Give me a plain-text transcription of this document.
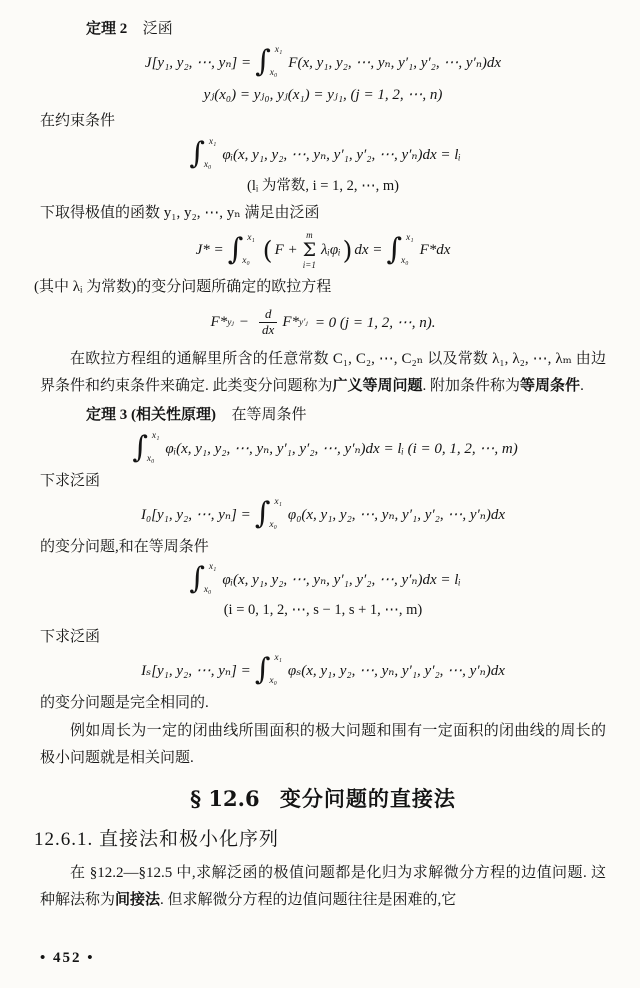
定理 2 泛函
J[y₁, y₂, ⋯, yₙ] = ∫ x₁
x₀
F(x, y₁, y₂, ⋯, yₙ, y′₁, y′₂, ⋯, y′ₙ)dx
yⱼ(x₀) = yⱼ₀, yⱼ(x₁) = yⱼ₁, (j = 1, 2, ⋯, n)
在约束条件
∫ x₁
x₀
φᵢ(x, y₁, y₂, ⋯, yₙ, y′₁, y′₂, ⋯, y′ₙ)dx = lᵢ
(lᵢ 为常数, i = 1, 2, ⋯, m)
下取得极值的函数 y₁, y₂, ⋯, yₙ 满足由泛函
J* = ∫ x₁
x₀ ( F +
m
Σ
i=1
λᵢφᵢ ) dx = ∫ x₁
x₀
F*dx
(其中 λᵢ 为常数)的变分问题所确定的欧拉方程
F* yⱼ − $\frac{d}{dx} F*$ y′ⱼ = 0 (j = 1, 2, ⋯, n).
在欧拉方程组的通解里所含的任意常数 C₁, C₂, ⋯, C₂ₙ 以及常数 λ₁, λ₂, ⋯, λₘ 由边界条件和约束条件来确定. 此类变分问题称为广义等周问题. 附加条件称为等周条件.
定理 3 (相关性原理) 在等周条件
∫ x₁
x₀
φᵢ(x, y₁, y₂, ⋯, yₙ, y′₁, y′₂, ⋯, y′ₙ)dx = lᵢ (i = 0, 1, 2, ⋯, m)
下求泛函
I₀[y₁, y₂, ⋯, yₙ] = ∫ x₁
x₀
φ₀(x, y₁, y₂, ⋯, yₙ, y′₁, y′₂, ⋯, y′ₙ)dx
的变分问题,和在等周条件
∫ x₁
x₀
φᵢ(x, y₁, y₂, ⋯, yₙ, y′₁, y′₂, ⋯, y′ₙ)dx = lᵢ
(i = 0, 1, 2, ⋯, s − 1, s + 1, ⋯, m)
下求泛函
Iₛ[y₁, y₂, ⋯, yₙ] = ∫ x₁
x₀
φₛ(x, y₁, y₂, ⋯, yₙ, y′₁, y′₂, ⋯, y′ₙ)dx
的变分问题是完全相同的.
例如周长为一定的闭曲线所围面积的极大问题和围有一定面积的闭曲线的周长的极小问题就是相关问题.
§ 12.6 变分问题的直接法
12.6.1. 直接法和极小化序列
在 §12.2—§12.5 中,求解泛函的极值问题都是化归为求解微分方程的边值问题. 这种解法称为间接法. 但求解微分方程的边值问题往往是困难的,它
• 452 •
